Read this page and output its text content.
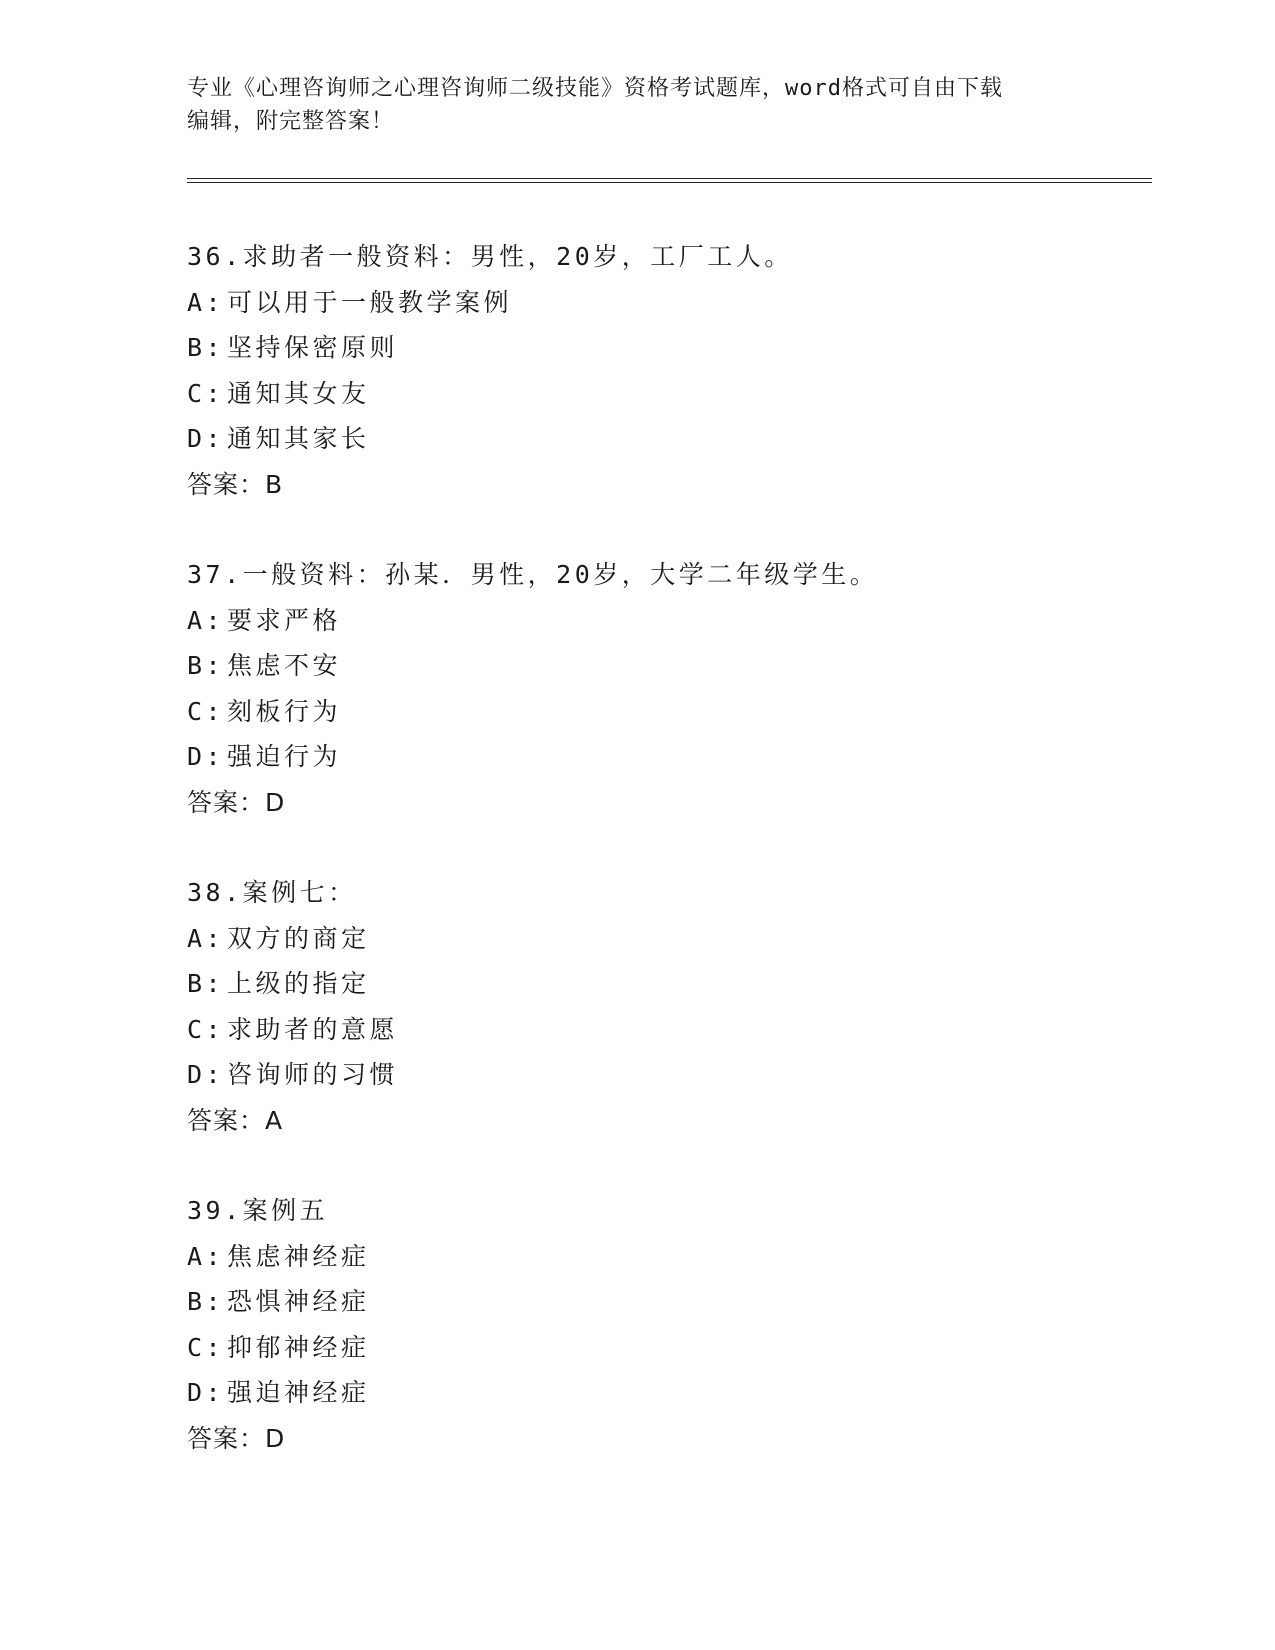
专业《心理咨询师之心理咨询师二级技能》资格考试题库，word格式可自由下载
编辑，附完整答案！
36.求助者一般资料：男性，20岁，工厂工人。
A: 可以用于一般教学案例
B: 坚持保密原则
C: 通知其女友
D: 通知其家长
答案：B
37.一般资料：孙某．男性，20岁，大学二年级学生。
A: 要求严格
B: 焦虑不安
C: 刻板行为
D: 强迫行为
答案：D
38.案例七：
A: 双方的商定
B: 上级的指定
C: 求助者的意愿
D: 咨询师的习惯
答案：A
39.案例五
A: 焦虑神经症
B: 恐惧神经症
C: 抑郁神经症
D: 强迫神经症
答案：D
